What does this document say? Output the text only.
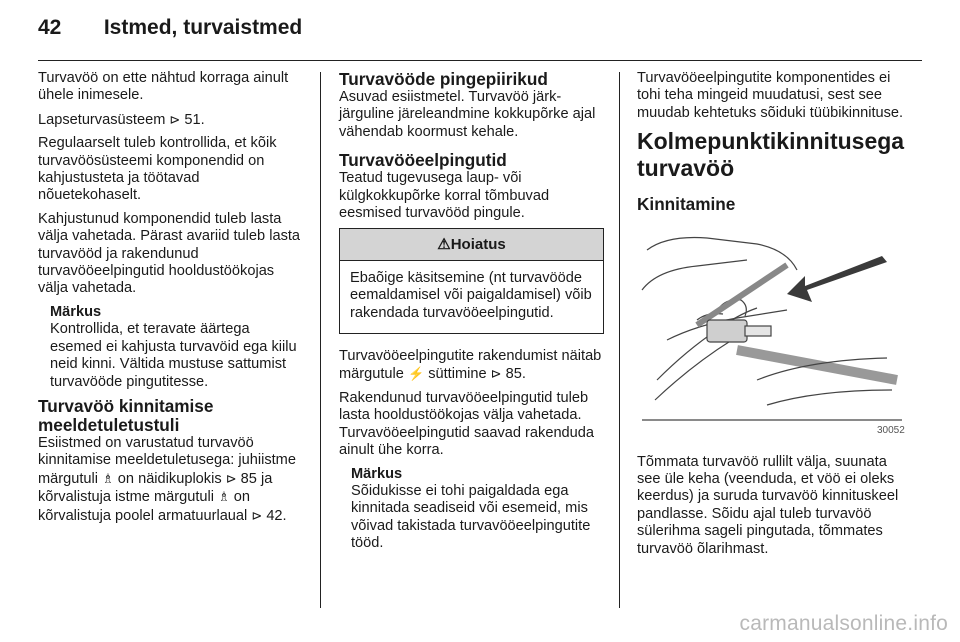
42 Istmed, turvaistmed

Turvavöö on ette nähtud korraga ainult ühele inimesele.

Lapseturvasüsteem ⊳ 51.

Regulaarselt tuleb kontrollida, et kõik turvavöösüsteemi komponendid on kahjustusteta ja töötavad nõuetekohaselt.

Kahjustunud komponendid tuleb lasta välja vahetada. Pärast avariid tuleb lasta turvavööd ja rakendunud turvavööeelpingutid hooldustöökojas välja vahetada.

Märkus
Kontrollida, et teravate äärtega esemed ei kahjusta turvavöid ega kiilu neid kinni. Vältida mustuse sattumist turvavööde pingutitesse.
Turvavöö kinnitamise meeldetuletustuli

Esiistmed on varustatud turvavöö kinnitamise meeldetuletusega: juhiistme märgutuli ♗ on näidikuplokis ⊳ 85 ja kõrvalistuja istme märgutuli ♗ on kõrvalistuja poolel armatuurlaual ⊳ 42.

Turvavööde pingepiirikud

Asuvad esiistmetel. Turvavöö järk-järguline järeleandmine kokkupõrke ajal vähendab koormust kehale.

Turvavööeelpingutid

Teatud tugevusega laup- või külgkokkupõrke korral tõmbuvad eesmised turvavööd pingule.

⚠Hoiatus
Ebaõige käsitsemine (nt turvavööde eemaldamisel või paigaldamisel) võib rakendada turvavööeelpingutid.

Turvavööeelpingutite rakendumist näitab märgutule ⚡ süttimine ⊳ 85.

Rakendunud turvavööeelpingutid tuleb lasta hooldustöökojas välja vahetada. Turvavööeelpingutid saavad rakenduda ainult ühe korra.

Märkus
Sõidukisse ei tohi paigaldada ega kinnitada seadiseid või esemeid, mis võivad takistada turvavööeelpingutite tööd.

Turvavööeelpingutite komponentides ei tohi teha mingeid muudatusi, sest see muudab kehtetuks sõiduki tüübikinnituse.

Kolmepunktikinnitusega turvavöö
Kinnitamine
30052

Tõmmata turvavöö rullilt välja, suunata see üle keha (veenduda, et vöö ei oleks keerdus) ja suruda turvavöö kinnituskeel pandlasse. Sõidu ajal tuleb turvavöö sülerihma sageli pingutada, tõmmates turvavöö õlarihmast.

carmanualsonline.info
